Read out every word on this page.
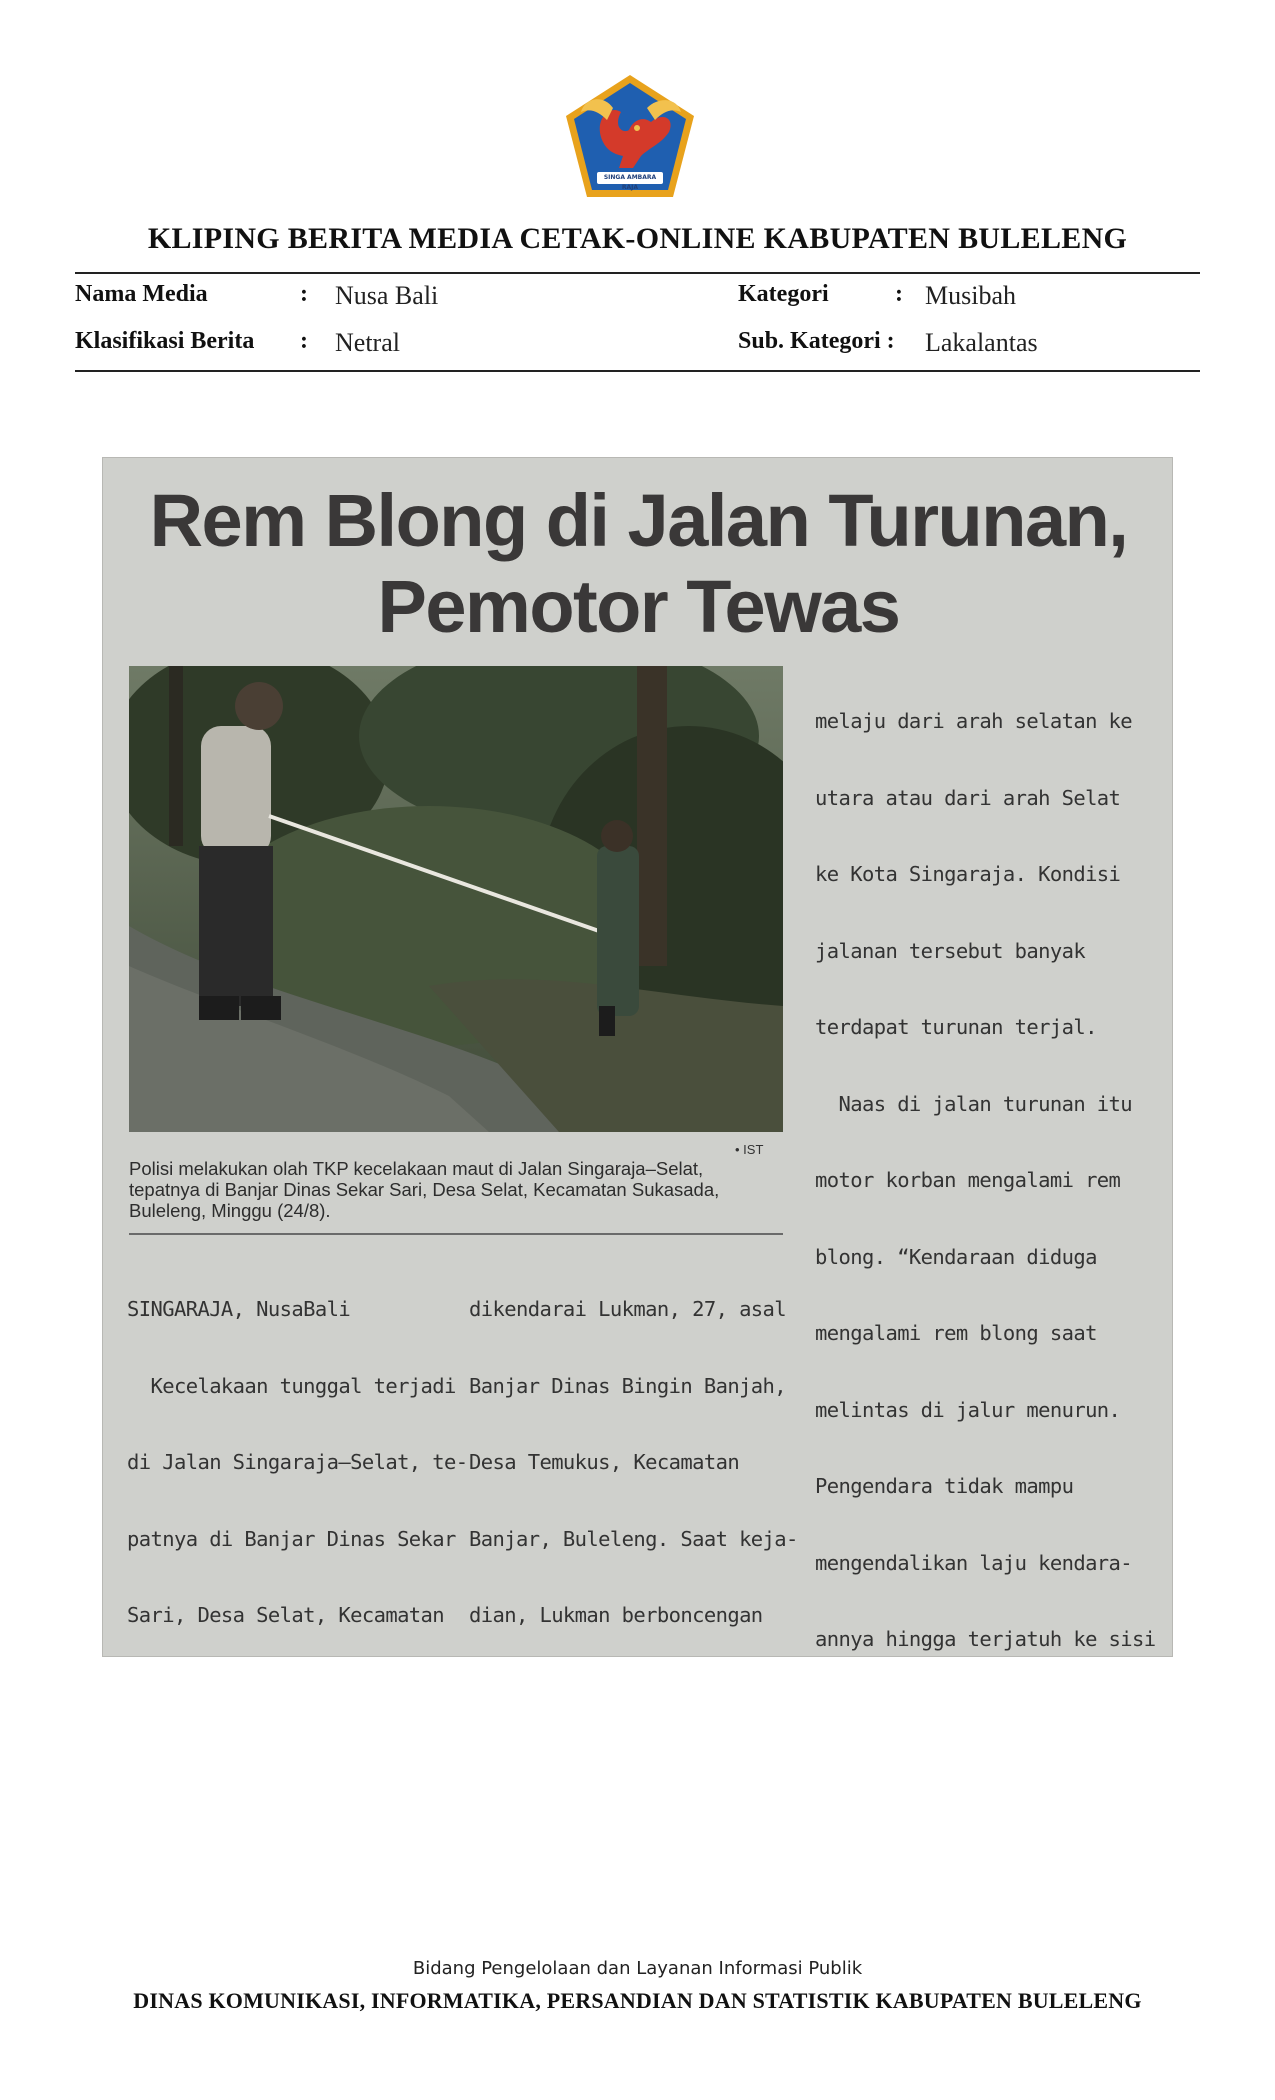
SINGA AMBARA RAJA
KLIPING BERITA MEDIA CETAK-ONLINE KABUPATEN BULELENG
Nama Media	: Nusa Bali	Kategori	: Musibah
Klasifikasi Berita : Netral	Sub. Kategori : Lakalantas
Rem Blong di Jalan Turunan,
Pemotor Tewas
• IST
Polisi melakukan olah TKP kecelakaan maut di Jalan Singaraja–Selat,
tepatnya di Banjar Dinas Sekar Sari, Desa Selat, Kecamatan Sukasada,
Buleleng, Minggu (24/8).

SINGARAJA, NusaBali

Kecelakaan tunggal terjadi

di Jalan Singaraja–Selat, te-

patnya di Banjar Dinas Sekar

Sari, Desa Selat, Kecamatan

dikendarai Lukman, 27, asal

Banjar Dinas Bingin Banjah,

Desa Temukus, Kecamatan

Banjar, Buleleng. Saat keja-

dian, Lukman berboncengan

melaju dari arah selatan ke

utara atau dari arah Selat

ke Kota Singaraja. Kondisi

jalanan tersebut banyak

terdapat turunan terjal.

Naas di jalan turunan itu

motor korban mengalami rem

blong. “Kendaraan diduga

mengalami rem blong saat

melintas di jalur menurun.

Pengendara tidak mampu

mengendalikan laju kendara-

annya hingga terjatuh ke sisi

Bidang Pengelolaan dan Layanan Informasi Publik
DINAS KOMUNIKASI, INFORMATIKA, PERSANDIAN DAN STATISTIK KABUPATEN BULELENG
